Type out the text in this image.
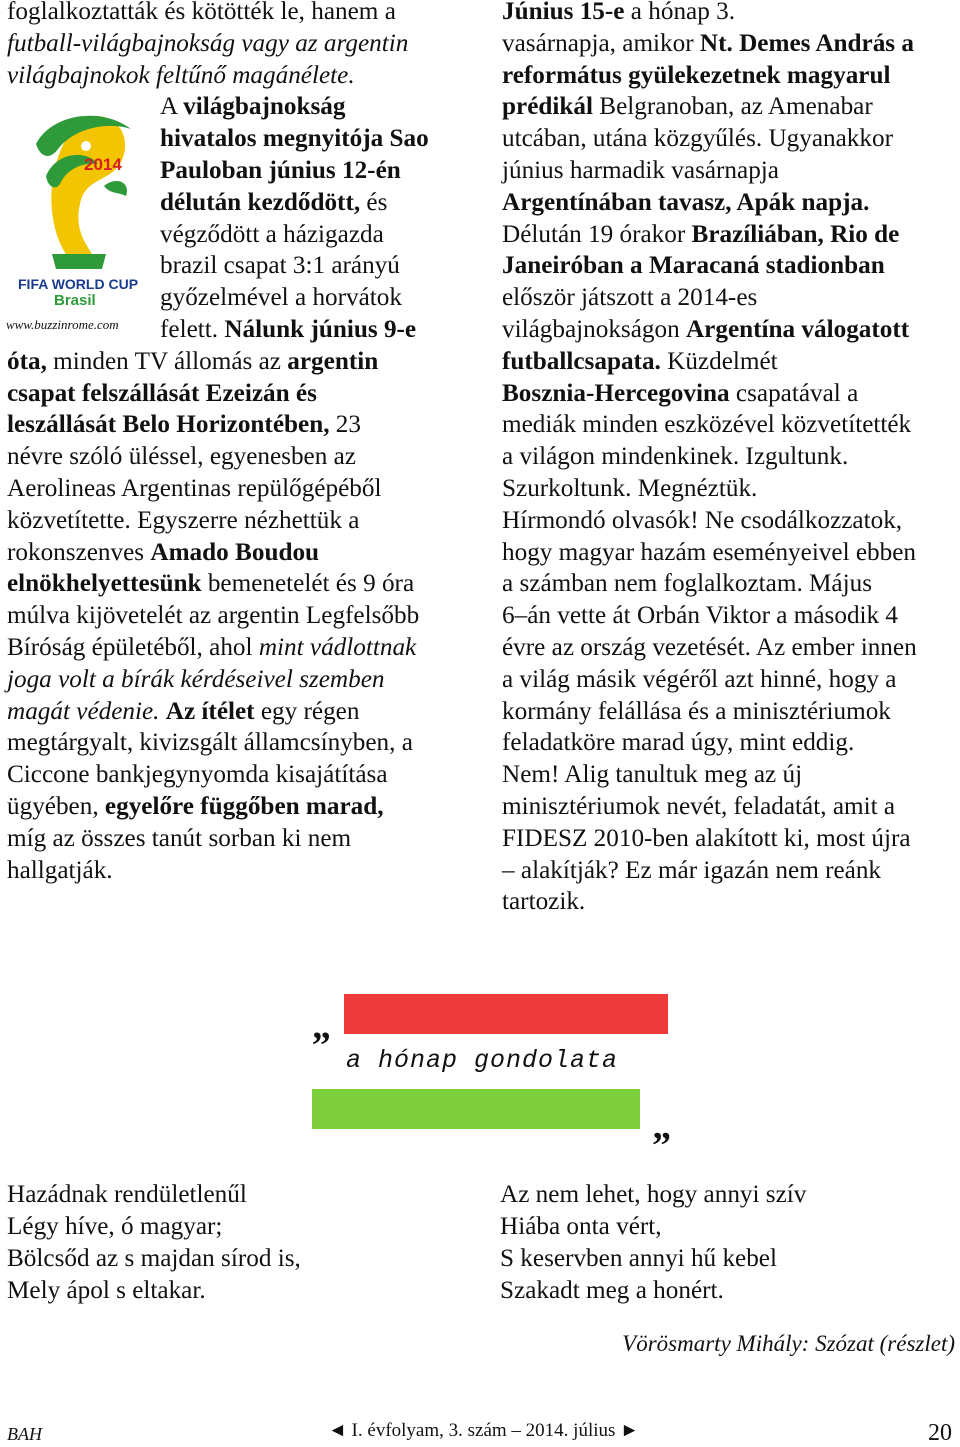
foglalkoztatták és kötötték le, hanem a
futball-világbajnokság vagy az argentin
világbajnokok feltűnő magánélete.
A világbajnokság
hivatalos megnyitója Sao
Pauloban június 12-én
délután kezdődött, és
végződött a házigazda
brazil csapat 3:1 arányú
győzelmével a horvátok
felett. Nálunk június 9-e
óta, minden TV állomás az argentin
csapat felszállását Ezeizán és
leszállását Belo Horizontében, 23
névre szóló üléssel, egyenesben az
Aerolineas Argentinas repülőgépéből
közvetítette. Egyszerre nézhettük a
rokonszenves Amado Boudou
elnökhelyettesünk bemenetelét és 9 óra
múlva kijövetelét az argentin Legfelsőbb
Bíróság épületéből, ahol mint vádlottnak
joga volt a bírák kérdéseivel szemben
magát védenie. Az ítélet egy régen
megtárgyalt, kivizsgált államcsínyben, a
Ciccone bankjegynyomda kisajátítása
ügyében, egyelőre függőben marad,
míg az összes tanút sorban ki nem
hallgatják.
2014
FIFA WORLD CUP
Brasil
www.buzzinrome.com
Június 15-e a hónap 3.
vasárnapja, amikor Nt. Demes András a
református gyülekezetnek magyarul
prédikál Belgranoban, az Amenabar
utcában, utána közgyűlés. Ugyanakkor
június harmadik vasárnapja
Argentínában tavasz, Apák napja.
Délután 19 órakor Brazíliában, Rio de
Janeiróban a Maracaná stadionban
először játszott a 2014-es
világbajnokságon Argentína válogatott
futballcsapata. Küzdelmét
Bosznia-Hercegovina csapatával a
mediák minden eszközével közvetítették
a világon mindenkinek. Izgultunk.
Szurkoltunk. Megnéztük.
Hírmondó olvasók! Ne csodálkozzatok,
hogy magyar hazám eseményeivel ebben
a számban nem foglalkoztam. Május
6–án vette át Orbán Viktor a második 4
évre az ország vezetését. Az ember innen
a világ másik végéről azt hinné, hogy a
kormány felállása és a minisztériumok
feladatköre marad úgy, mint eddig.
Nem! Alig tanultuk meg az új
minisztériumok nevét, feladatát, amit a
FIDESZ 2010-ben alakított ki, most újra
– alakítják? Ez már igazán nem reánk
tartozik.
„
a hónap gondolata
”
Hazádnak rendületlenűl
Légy híve, ó magyar;
Bölcsőd az s majdan sírod is,
Mely ápol s eltakar.
Az nem lehet, hogy annyi szív
Hiába onta vért,
S keservben annyi hű kebel
Szakadt meg a honért.
Vörösmarty Mihály: Szózat (részlet)
BAH	◄ I. évfolyam, 3. szám – 2014. július ►	20
